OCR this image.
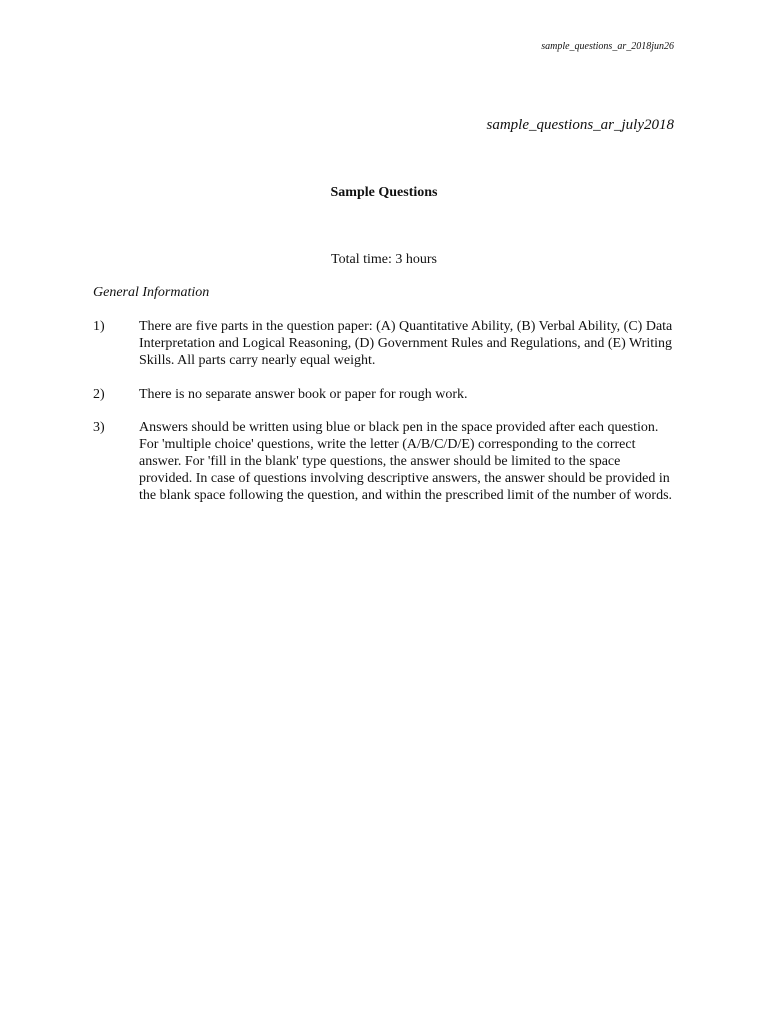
sample_questions_ar_2018jun26
sample_questions_ar_july2018
Sample Questions
Total time: 3 hours
General Information
1) There are five parts in the question paper: (A) Quantitative Ability, (B) Verbal Ability, (C) Data Interpretation and Logical Reasoning, (D) Government Rules and Regulations, and (E) Writing Skills. All parts carry nearly equal weight.
2) There is no separate answer book or paper for rough work.
3) Answers should be written using blue or black pen in the space provided after each question. For 'multiple choice' questions, write the letter (A/B/C/D/E) corresponding to the correct answer. For 'fill in the blank' type questions, the answer should be limited to the space provided. In case of questions involving descriptive answers, the answer should be provided in the blank space following the question, and within the prescribed limit of the number of words.
